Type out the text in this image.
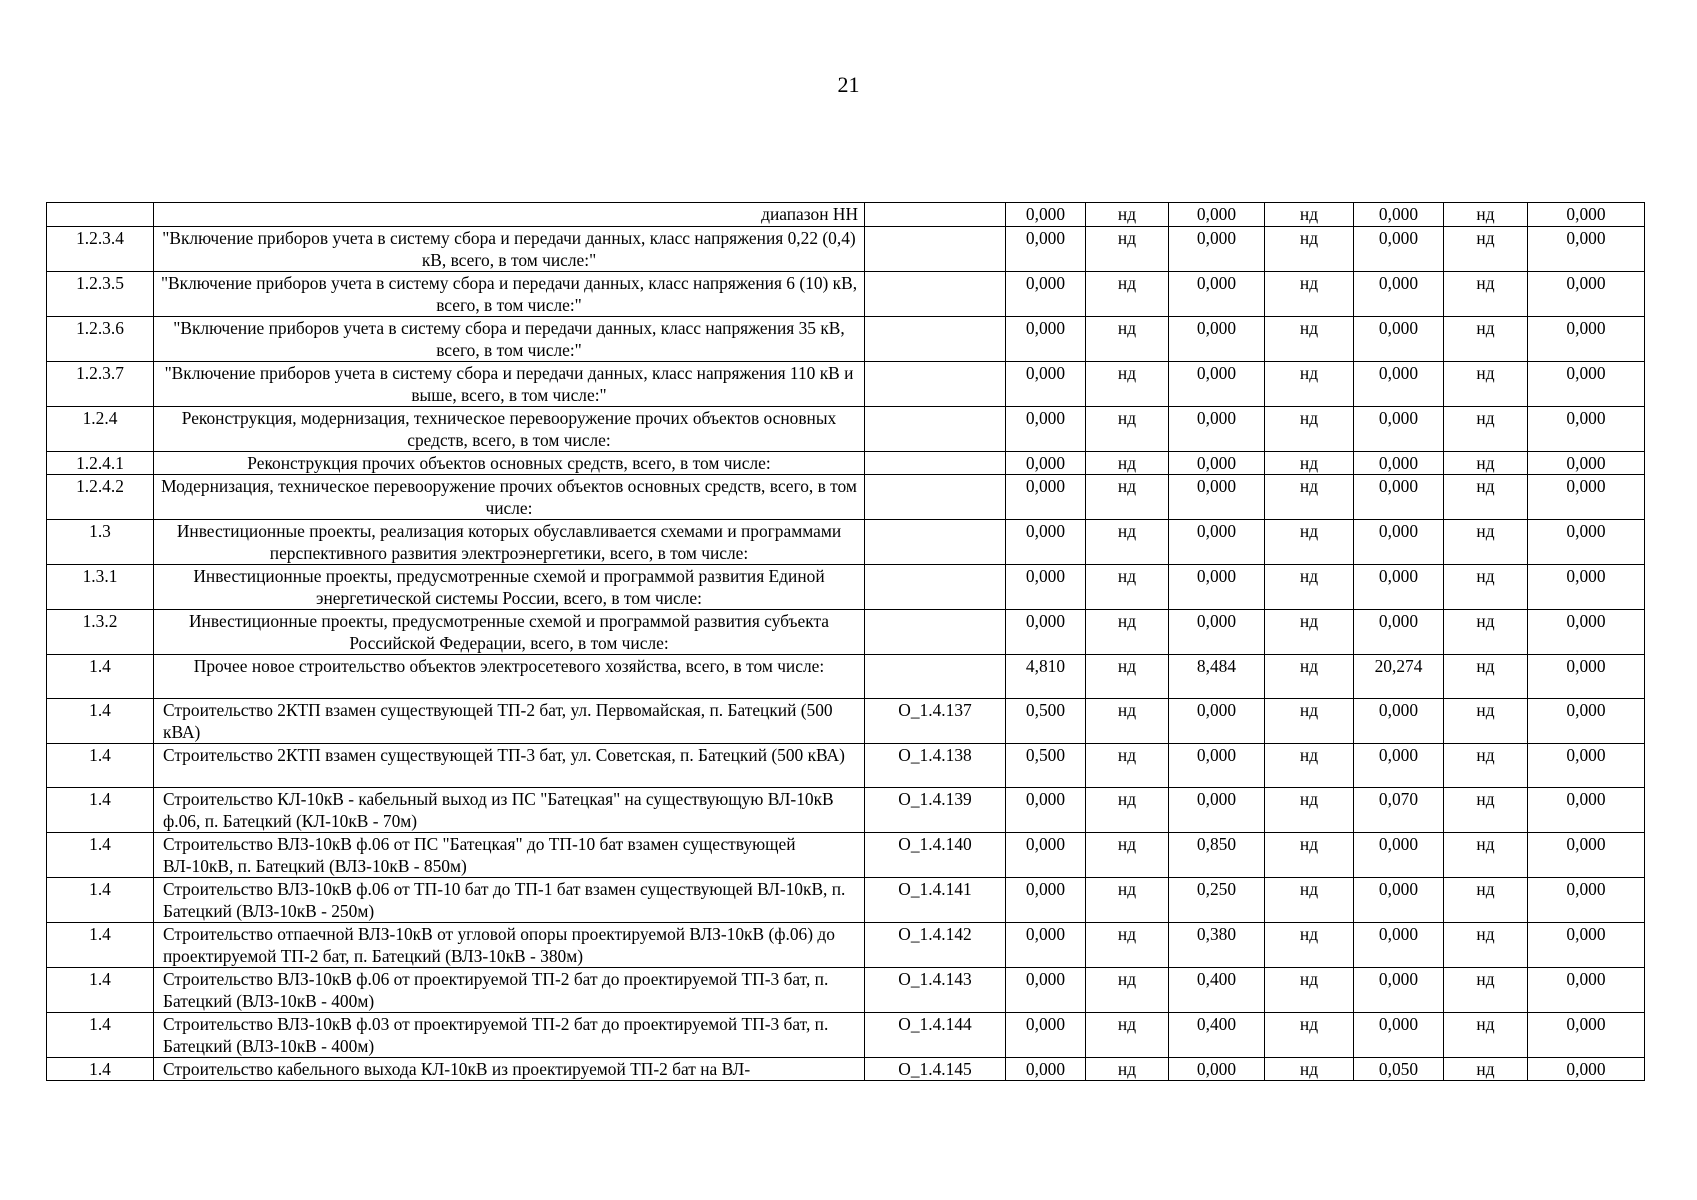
21
	диапазон НН		0,000	нд	0,000	нд	0,000	нд	0,000
1.2.3.4	"Включение приборов учета в систему сбора и передачи данных, класс напряжения 0,22 (0,4) кВ, всего, в том числе:"		0,000	нд	0,000	нд	0,000	нд	0,000
1.2.3.5	"Включение приборов учета в систему сбора и передачи данных, класс напряжения 6 (10) кВ, всего, в том числе:"		0,000	нд	0,000	нд	0,000	нд	0,000
1.2.3.6	"Включение приборов учета в систему сбора и передачи данных, класс напряжения 35 кВ, всего, в том числе:"		0,000	нд	0,000	нд	0,000	нд	0,000
1.2.3.7	"Включение приборов учета в систему сбора и передачи данных, класс напряжения 110 кВ и выше, всего, в том числе:"		0,000	нд	0,000	нд	0,000	нд	0,000
1.2.4	Реконструкция, модернизация, техническое перевооружение прочих объектов основных средств, всего, в том числе:		0,000	нд	0,000	нд	0,000	нд	0,000
1.2.4.1	Реконструкция прочих объектов основных средств, всего, в том числе:		0,000	нд	0,000	нд	0,000	нд	0,000
1.2.4.2	Модернизация, техническое перевооружение прочих объектов основных средств, всего, в том числе:		0,000	нд	0,000	нд	0,000	нд	0,000
1.3	Инвестиционные проекты, реализация которых обуславливается схемами и программами перспективного развития электроэнергетики, всего, в том числе:		0,000	нд	0,000	нд	0,000	нд	0,000
1.3.1	Инвестиционные проекты, предусмотренные схемой и программой развития Единой энергетической системы России, всего, в том числе:		0,000	нд	0,000	нд	0,000	нд	0,000
1.3.2	Инвестиционные проекты, предусмотренные схемой и программой развития субъекта Российской Федерации, всего, в том числе:		0,000	нд	0,000	нд	0,000	нд	0,000
1.4	Прочее новое строительство объектов электросетевого хозяйства, всего, в том числе:		4,810	нд	8,484	нд	20,274	нд	0,000
1.4	Строительство 2КТП взамен существующей ТП-2 бат, ул. Первомайская, п. Батецкий (500 кВА)	O_1.4.137	0,500	нд	0,000	нд	0,000	нд	0,000
1.4	Строительство 2КТП взамен существующей ТП-3 бат, ул. Советская, п. Батецкий (500 кВА)	O_1.4.138	0,500	нд	0,000	нд	0,000	нд	0,000
1.4	Строительство КЛ-10кВ - кабельный выход из ПС "Батецкая" на существующую ВЛ-10кВ ф.06, п. Батецкий (КЛ-10кВ - 70м)	O_1.4.139	0,000	нд	0,000	нд	0,070	нд	0,000
1.4	Строительство ВЛЗ-10кВ ф.06 от ПС "Батецкая" до ТП-10 бат взамен существующей ВЛ-10кВ, п. Батецкий (ВЛЗ-10кВ - 850м)	O_1.4.140	0,000	нд	0,850	нд	0,000	нд	0,000
1.4	Строительство ВЛЗ-10кВ ф.06 от ТП-10 бат до ТП-1 бат взамен существующей ВЛ-10кВ, п. Батецкий (ВЛЗ-10кВ - 250м)	O_1.4.141	0,000	нд	0,250	нд	0,000	нд	0,000
1.4	Строительство отпаечной ВЛЗ-10кВ от угловой опоры проектируемой ВЛЗ-10кВ (ф.06) до проектируемой ТП-2 бат, п. Батецкий (ВЛЗ-10кВ - 380м)	O_1.4.142	0,000	нд	0,380	нд	0,000	нд	0,000
1.4	Строительство ВЛЗ-10кВ ф.06 от проектируемой ТП-2 бат до проектируемой ТП-3 бат, п. Батецкий (ВЛЗ-10кВ - 400м)	O_1.4.143	0,000	нд	0,400	нд	0,000	нд	0,000
1.4	Строительство ВЛЗ-10кВ ф.03 от проектируемой ТП-2 бат до проектируемой ТП-3 бат, п. Батецкий (ВЛЗ-10кВ - 400м)	O_1.4.144	0,000	нд	0,400	нд	0,000	нд	0,000
1.4	Строительство кабельного выхода КЛ-10кВ из проектируемой ТП-2 бат на ВЛ-	O_1.4.145	0,000	нд	0,000	нд	0,050	нд	0,000
